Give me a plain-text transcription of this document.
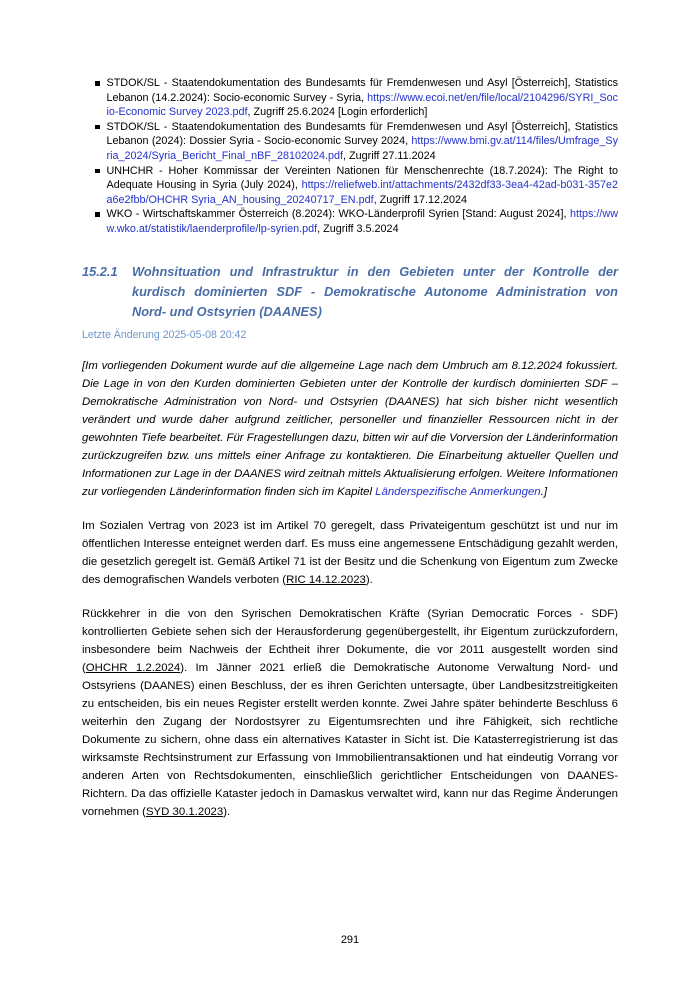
STDOK/SL - Staatendokumentation des Bundesamts für Fremdenwesen und Asyl [Österreich], Statistics Lebanon (14.2.2024): Socio-economic Survey - Syria, https://www.ecoi.net/en/file/local/2104296/SYRI_Socio-Economic Survey 2023.pdf, Zugriff 25.6.2024 [Login erforderlich]
STDOK/SL - Staatendokumentation des Bundesamts für Fremdenwesen und Asyl [Österreich], Statistics Lebanon (2024): Dossier Syria - Socio-economic Survey 2024, https://www.bmi.gv.at/114/files/Umfrage_Syria_2024/Syria_Bericht_Final_nBF_28102024.pdf, Zugriff 27.11.2024
UNHCHR - Hoher Kommissar der Vereinten Nationen für Menschenrechte (18.7.2024): The Right to Adequate Housing in Syria (July 2024), https://reliefweb.int/attachments/2432df33-3ea4-42ad-b031-357e2a6e2fbb/OHCHR Syria_AN_housing_20240717_EN.pdf, Zugriff 17.12.2024
WKO - Wirtschaftskammer Österreich (8.2024): WKO-Länderprofil Syrien [Stand: August 2024], https://www.wko.at/statistik/laenderprofile/lp-syrien.pdf, Zugriff 3.5.2024
15.2.1	Wohnsituation und Infrastruktur in den Gebieten unter der Kontrolle der kurdisch dominierten SDF - Demokratische Autonome Administration von Nord- und Ostsyrien (DAANES)
Letzte Änderung 2025-05-08 20:42

[Im vorliegenden Dokument wurde auf die allgemeine Lage nach dem Umbruch am 8.12.2024 fokussiert. Die Lage in von den Kurden dominierten Gebieten unter der Kontrolle der kurdisch dominierten SDF – Demokratische Administration von Nord- und Ostsyrien (DAANES) hat sich bisher nicht wesentlich verändert und wurde daher aufgrund zeitlicher, personeller und finanzieller Ressourcen nicht in der gewohnten Tiefe bearbeitet. Für Fragestellungen dazu, bitten wir auf die Vorversion der Länderinformation zurückzugreifen bzw. uns mittels einer Anfrage zu kontaktieren. Die Einarbeitung aktueller Quellen und Informationen zur Lage in der DAANES wird zeitnah mittels Aktualisierung erfolgen. Weitere Informationen zur vorliegenden Länderinformation finden sich im Kapitel Länderspezifische Anmerkungen.]

Im Sozialen Vertrag von 2023 ist im Artikel 70 geregelt, dass Privateigentum geschützt ist und nur im öffentlichen Interesse enteignet werden darf. Es muss eine angemessene Entschädigung gezahlt werden, die gesetzlich geregelt ist. Gemäß Artikel 71 ist der Besitz und die Schenkung von Eigentum zum Zwecke des demografischen Wandels verboten (RIC 14.12.2023).

Rückkehrer in die von den Syrischen Demokratischen Kräfte (Syrian Democratic Forces - SDF) kontrollierten Gebiete sehen sich der Herausforderung gegenübergestellt, ihr Eigentum zurückzufordern, insbesondere beim Nachweis der Echtheit ihrer Dokumente, die vor 2011 ausgestellt worden sind (OHCHR 1.2.2024). Im Jänner 2021 erließ die Demokratische Autonome Verwaltung Nord- und Ostsyriens (DAANES) einen Beschluss, der es ihren Gerichten untersagte, über Landbesitzstreitigkeiten zu entscheiden, bis ein neues Register erstellt werden konnte. Zwei Jahre später behinderte Beschluss 6 weiterhin den Zugang der Nordostsyrer zu Eigentumsrechten und ihre Fähigkeit, sich rechtliche Dokumente zu sichern, ohne dass ein alternatives Kataster in Sicht ist. Die Katasterregistrierung ist das wirksamste Rechtsinstrument zur Erfassung von Immobilientransaktionen und hat eindeutig Vorrang vor anderen Arten von Rechtsdokumenten, einschließlich gerichtlicher Entscheidungen von DAANES-Richtern. Da das offizielle Kataster jedoch in Damaskus verwaltet wird, kann nur das Regime Änderungen vornehmen (SYD 30.1.2023).

291
